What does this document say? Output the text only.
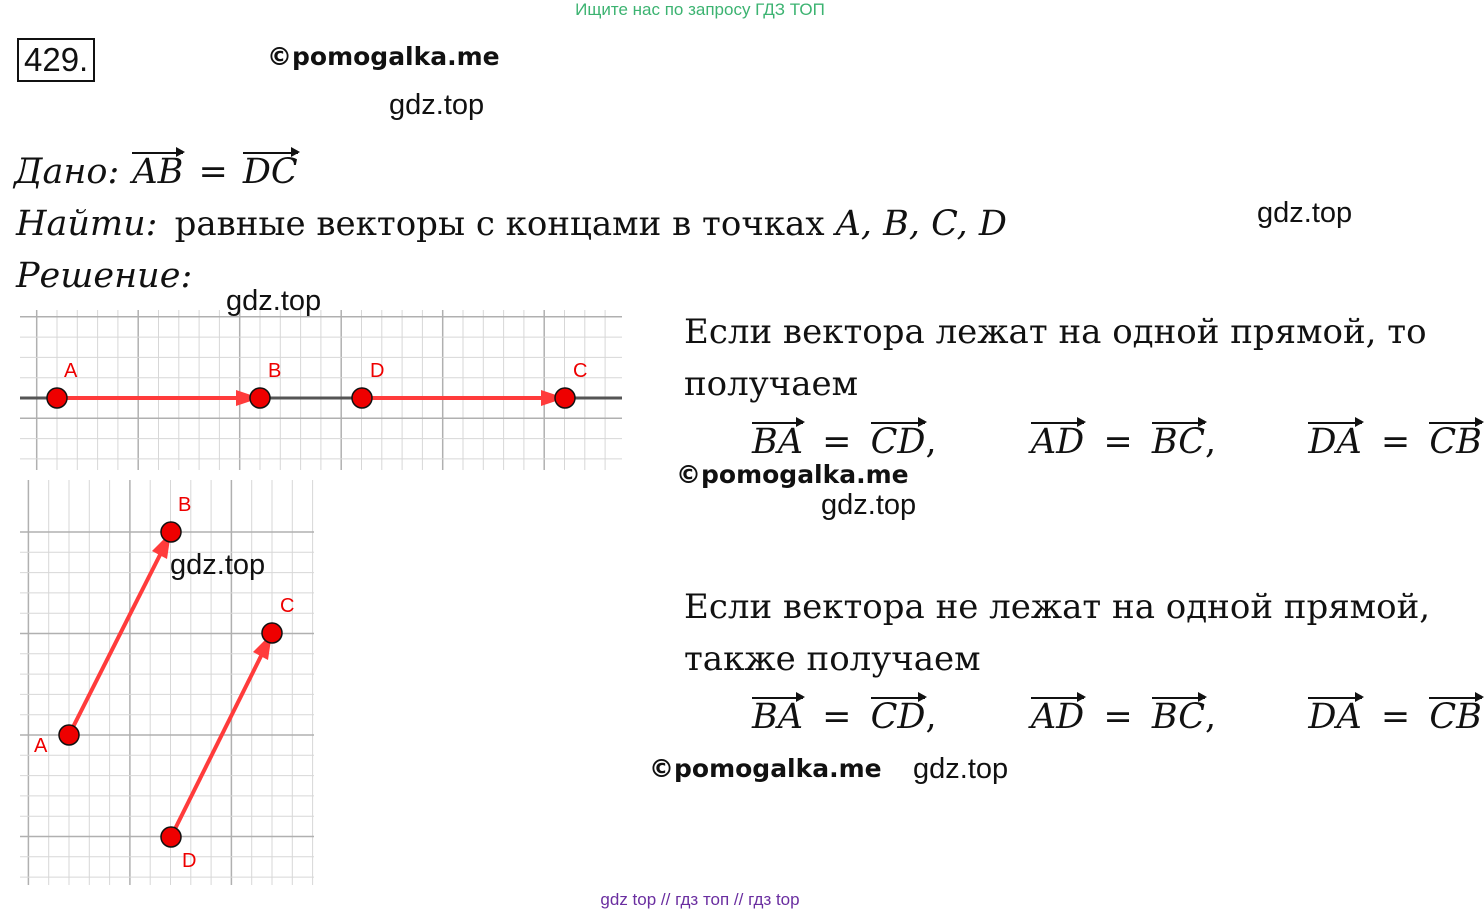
Ищите нас по запросу ГДЗ ТОП
429.	©pomogalka.me
gdz.top
Дано: AB = DC
Найти: равные векторы с концами в точках A, B, C, D	gdz.top
Решение:
A	B	D	C
gdz.top
B
C
A
D
gdz.top
Если вектора лежат на одной прямой, то
получаем
BA = CD,	AD = BC,	DA = CB
©pomogalka.me
gdz.top
Если вектора не лежат на одной прямой,
также получаем
BA = CD,	AD = BC,	DA = CB
©pomogalka.me gdz.top
gdz top // гдз топ // гдз top
